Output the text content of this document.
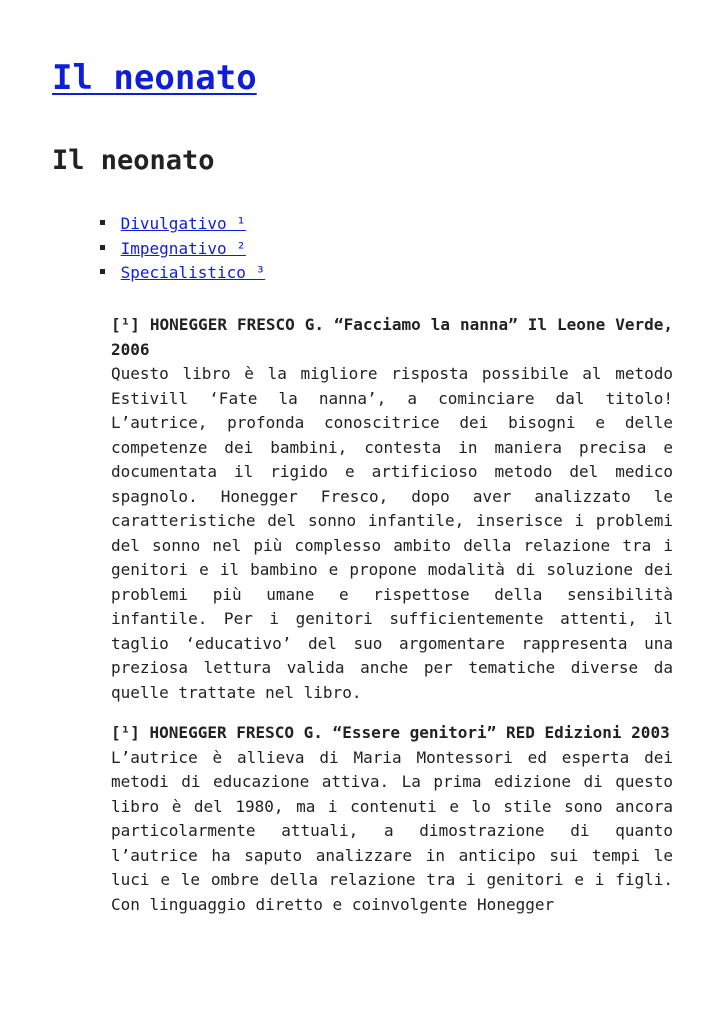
Il neonato
Il neonato
Divulgativo ¹
Impegnativo ²
Specialistico ³

[¹] HONEGGER FRESCO G. “Facciamo la nanna” Il Leone Verde, 2006
Questo libro è la migliore risposta possibile al metodo Estivill ‘Fate la nanna’, a cominciare dal titolo! L’autrice, profonda conoscitrice dei bisogni e delle competenze dei bambini, contesta in maniera precisa e documentata il rigido e artificioso metodo del medico spagnolo. Honegger Fresco, dopo aver analizzato le caratteristiche del sonno infantile, inserisce i problemi del sonno nel più complesso ambito della relazione tra i genitori e il bambino e propone modalità di soluzione dei problemi più umane e rispettose della sensibilità infantile. Per i genitori sufficientemente attenti, il taglio ‘educativo’ del suo argomentare rappresenta una preziosa lettura valida anche per tematiche diverse da quelle trattate nel libro.

[¹] HONEGGER FRESCO G. “Essere genitori” RED Edizioni 2003
L’autrice è allieva di Maria Montessori ed esperta dei metodi di educazione attiva. La prima edizione di questo libro è del 1980, ma i contenuti e lo stile sono ancora particolarmente attuali, a dimostrazione di quanto l’autrice ha saputo analizzare in anticipo sui tempi le luci e le ombre della relazione tra i genitori e i figli. Con linguaggio diretto e coinvolgente Honegger
